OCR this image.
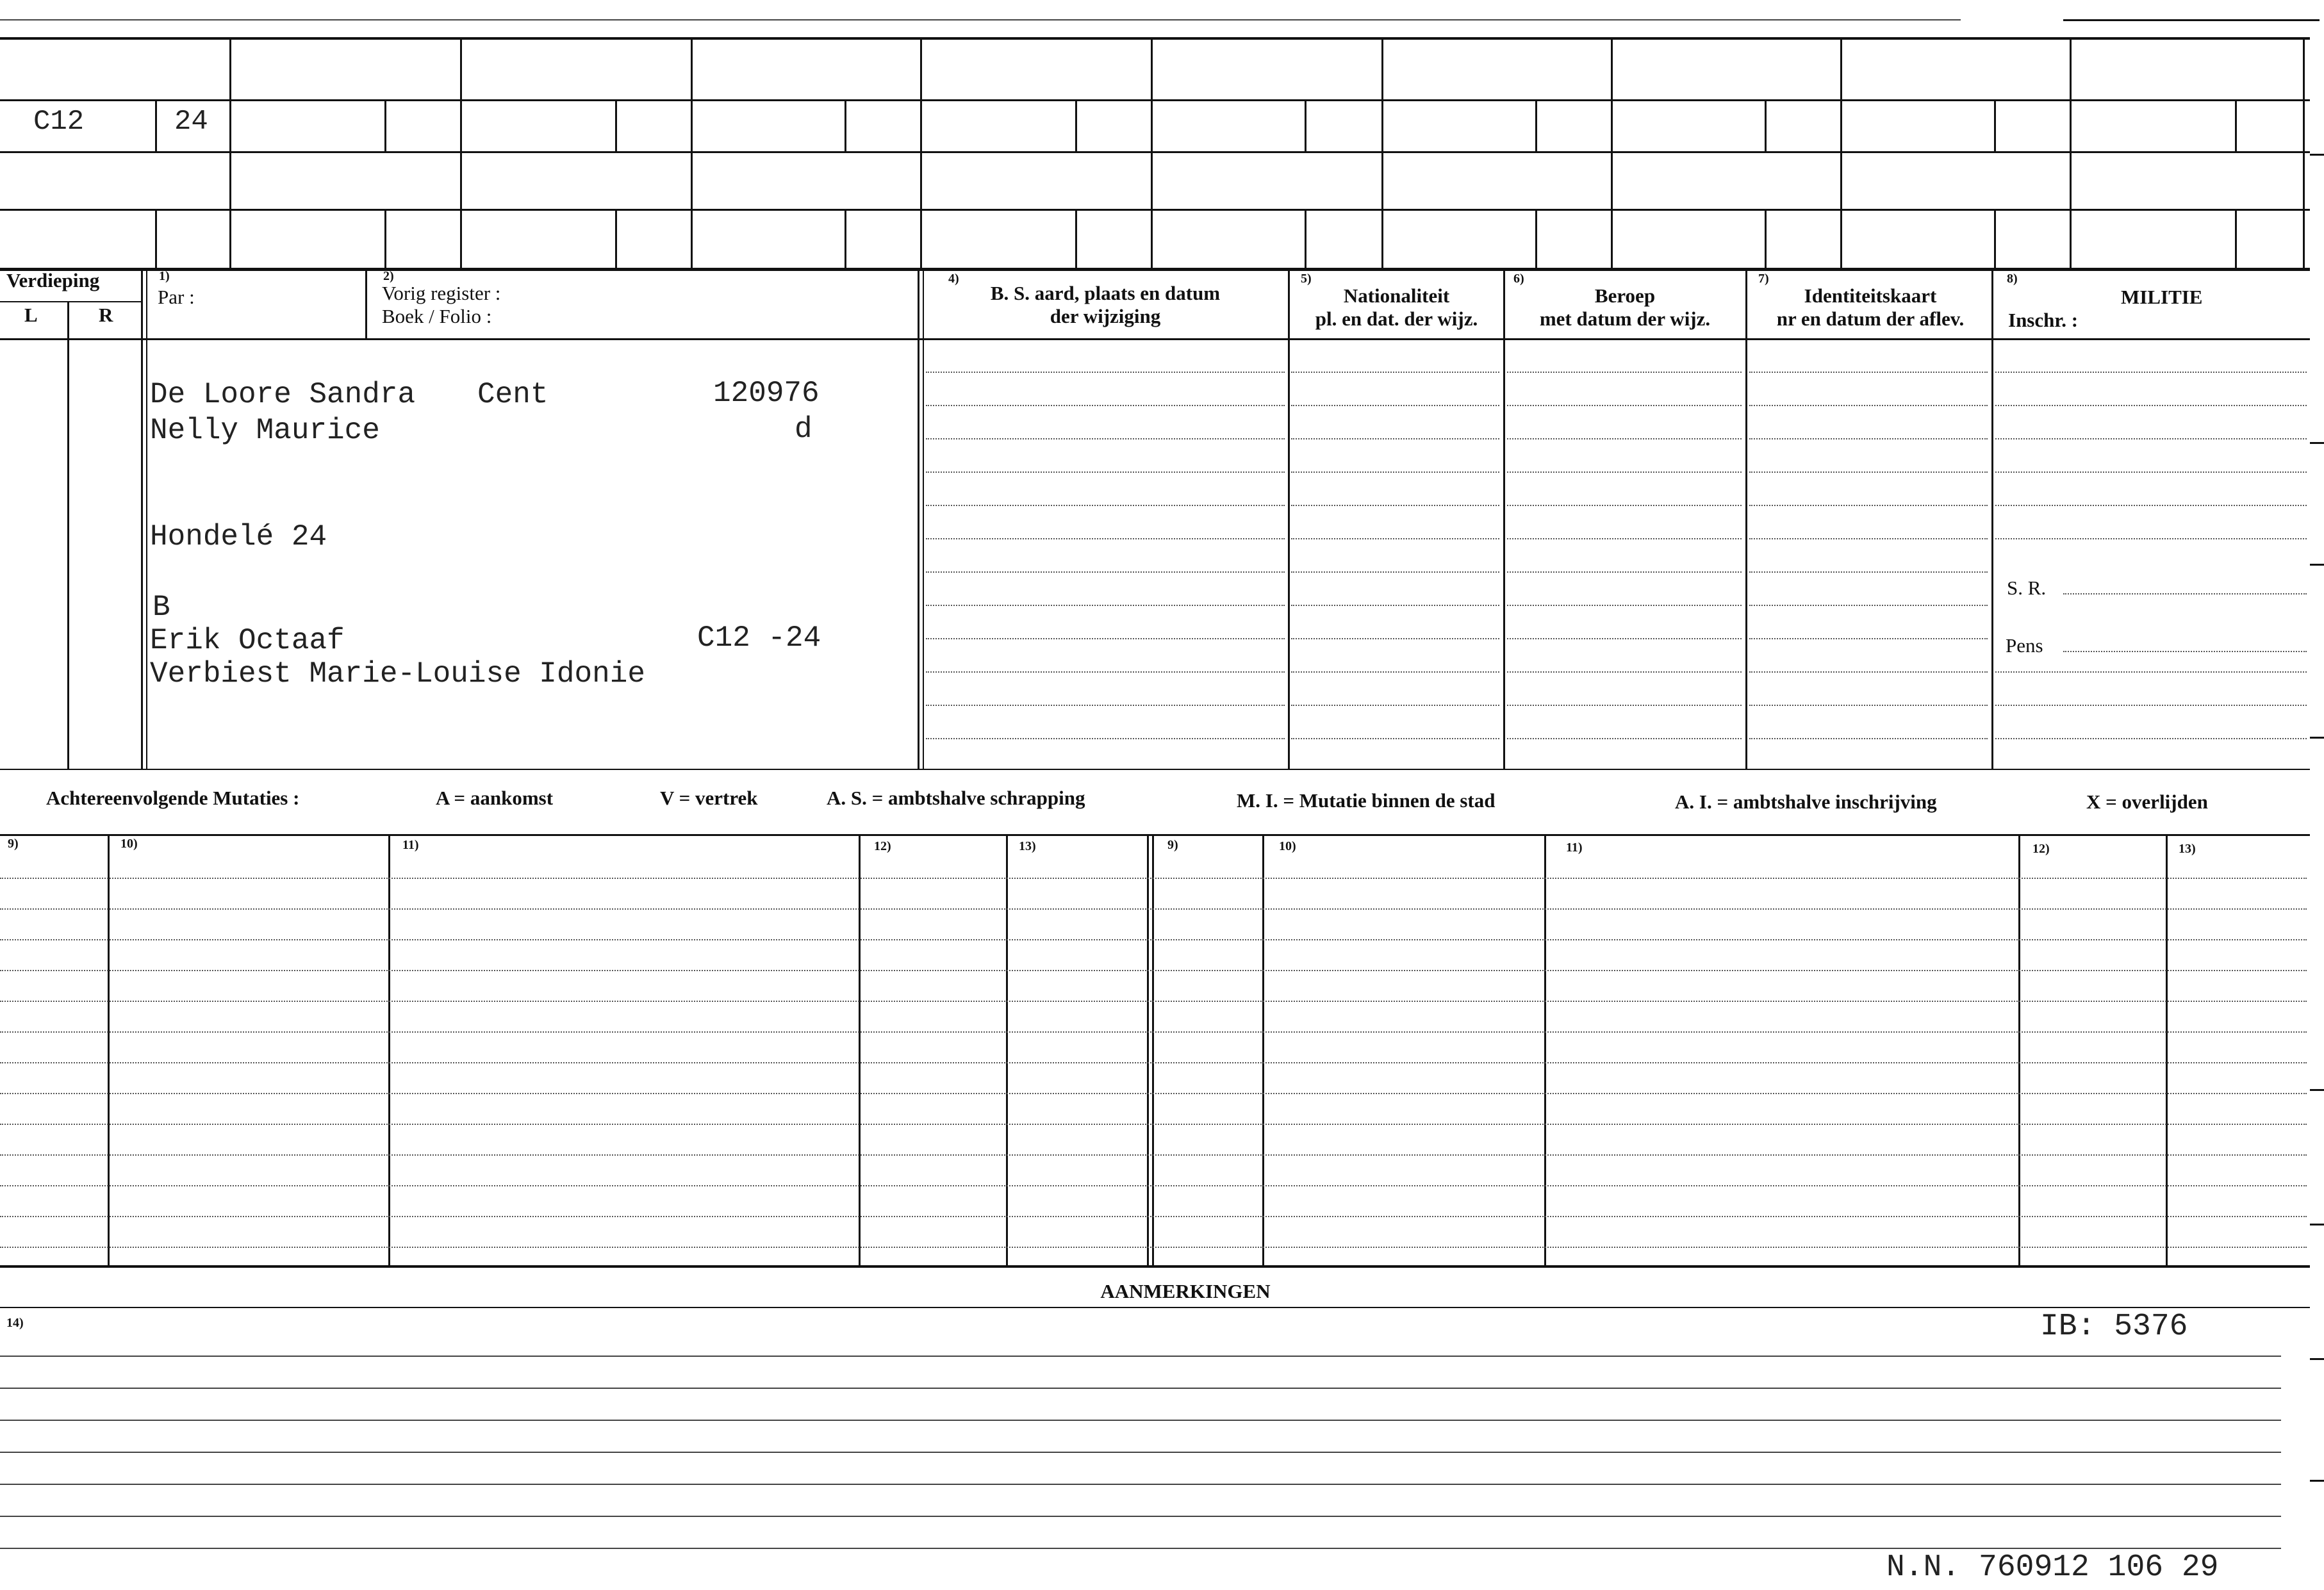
C12	24
Verdieping
L	R
1)
Par :
2)
Vorig register :
Boek / Folio :
4)
B. S. aard, plaats en datum
der wijziging
5)
Nationaliteit
pl. en dat. der wijz.
6)
Beroep
met datum der wijz.
7)
Identiteitskaart
nr en datum der aflev.
8)
MILITIE
Inschr. :
De Loore Sandra Cent	120976
Nelly Maurice	d
Hondelé 24
B
Erik Octaaf	C12 -24
Verbiest Marie-Louise Idonie
S. R.
Pens
Achtereenvolgende Mutaties :	A = aankomst	V = vertrek	A. S. = ambtshalve schrapping	M. I. = Mutatie binnen de stad	A. I. = ambtshalve inschrijving	X = overlijden
9)	10)	11)	12)	13)	9)	10)	11)	12)	13)
AANMERKINGEN
14)	IB: 5376
N.N. 760912 106 29
